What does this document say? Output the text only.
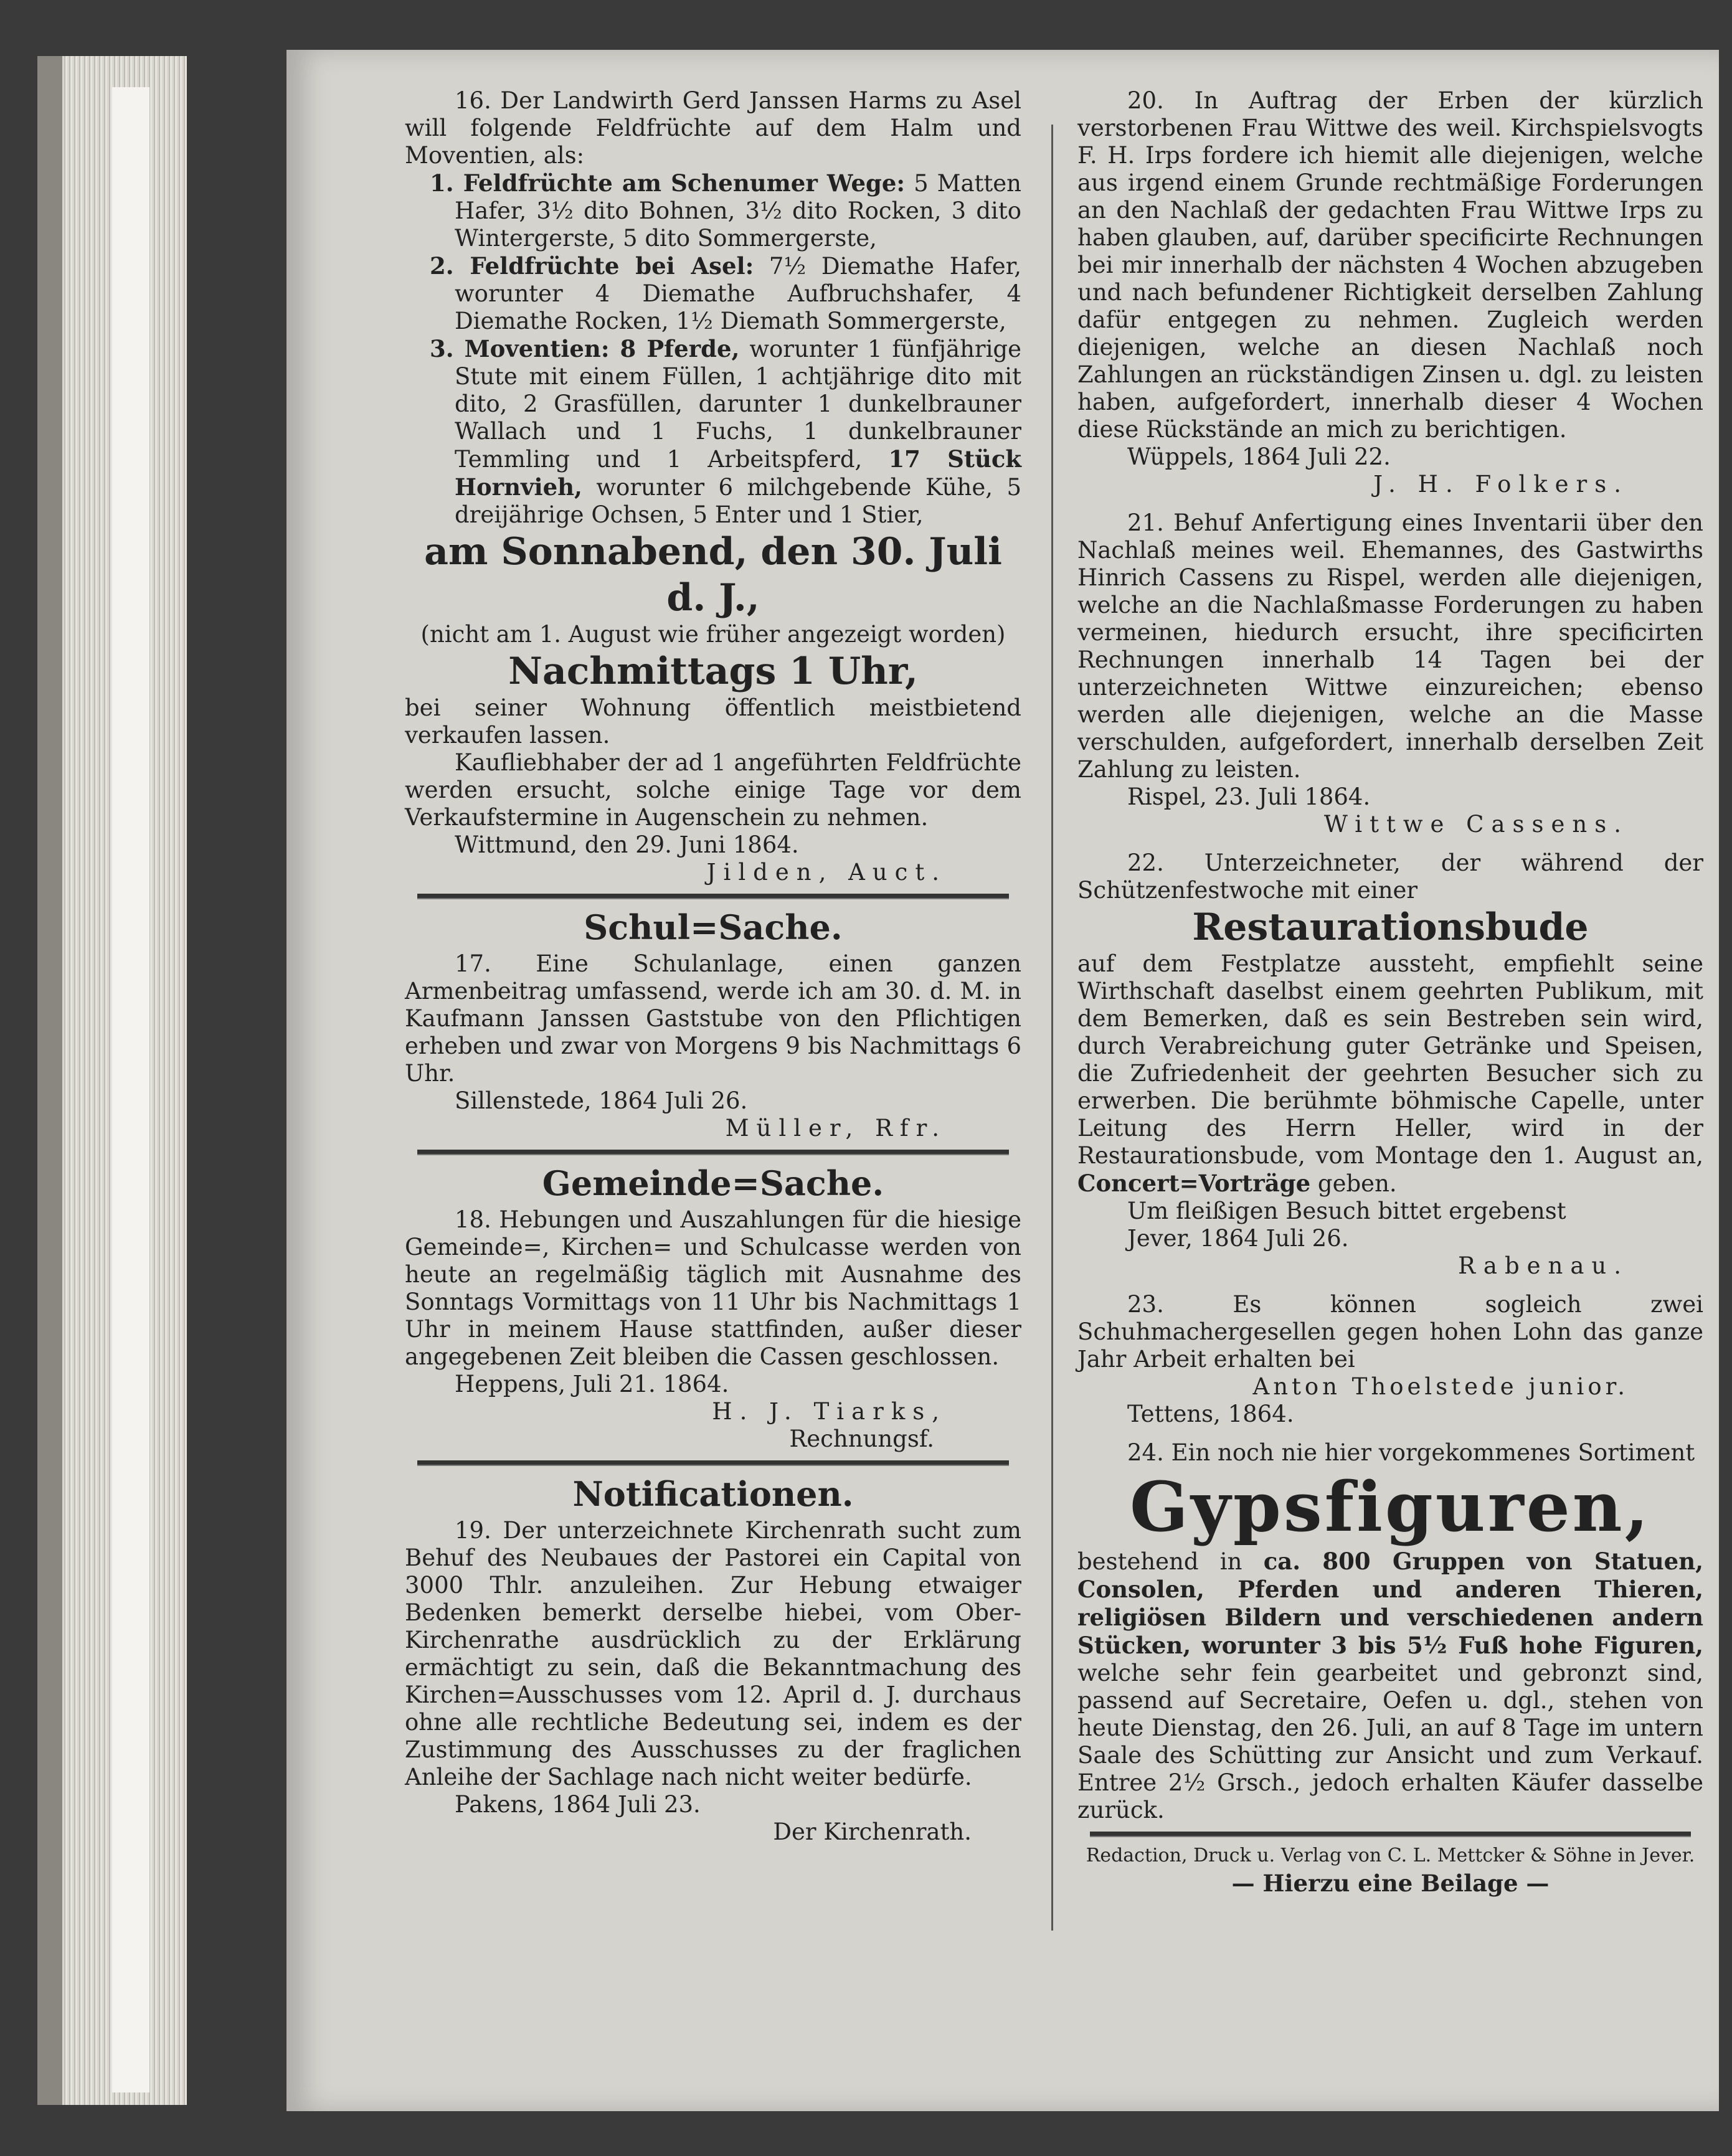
16. Der Landwirth Gerd Janssen Harms zu Asel will folgende Feldfrüchte auf dem Halm und Moventien, als:

1. Feldfrüchte am Schenumer Wege: 5 Matten Hafer, 3½ dito Bohnen, 3½ dito Rocken, 3 dito Wintergerste, 5 dito Sommergerste,

2. Feldfrüchte bei Asel: 7½ Diemathe Hafer, worunter 4 Diemathe Aufbruchshafer, 4 Diemathe Rocken, 1½ Diemath Sommergerste,

3. Moventien: 8 Pferde, worunter 1 fünfjährige Stute mit einem Füllen, 1 achtjährige dito mit dito, 2 Grasfüllen, darunter 1 dunkelbrauner Wallach und 1 Fuchs, 1 dunkelbrauner Temmling und 1 Arbeitspferd, 17 Stück Hornvieh, worunter 6 milchgebende Kühe, 5 dreijährige Ochsen, 5 Enter und 1 Stier,

am Sonnabend, den 30. Juli d. J.,

(nicht am 1. August wie früher angezeigt worden)

Nachmittags 1 Uhr,

bei seiner Wohnung öffentlich meistbietend verkaufen lassen.

Kaufliebhaber der ad 1 angeführten Feldfrüchte werden ersucht, solche einige Tage vor dem Verkaufstermine in Augenschein zu nehmen.

Wittmund, den 29. Juni 1864.

Jilden, Auct.

Schul=Sache.

17. Eine Schulanlage, einen ganzen Armenbeitrag umfassend, werde ich am 30. d. M. in Kaufmann Janssen Gaststube von den Pflichtigen erheben und zwar von Morgens 9 bis Nachmittags 6 Uhr.

Sillenstede, 1864 Juli 26.

Müller, Rfr.

Gemeinde=Sache.

18. Hebungen und Auszahlungen für die hiesige Gemeinde=, Kirchen= und Schulcasse werden von heute an regelmäßig täglich mit Ausnahme des Sonntags Vormittags von 11 Uhr bis Nachmittags 1 Uhr in meinem Hause stattfinden, außer dieser angegebenen Zeit bleiben die Cassen geschlossen.

Heppens, Juli 21. 1864.

H. J. Tiarks,

Rechnungsf.

Notificationen.

19. Der unterzeichnete Kirchenrath sucht zum Behuf des Neubaues der Pastorei ein Capital von 3000 Thlr. anzuleihen. Zur Hebung etwaiger Bedenken bemerkt derselbe hiebei, vom Ober-Kirchenrathe ausdrücklich zu der Erklärung ermächtigt zu sein, daß die Bekanntmachung des Kirchen=Ausschusses vom 12. April d. J. durchaus ohne alle rechtliche Bedeutung sei, indem es der Zustimmung des Ausschusses zu der fraglichen Anleihe der Sachlage nach nicht weiter bedürfe.

Pakens, 1864 Juli 23.

Der Kirchenrath.

20. In Auftrag der Erben der kürzlich verstorbenen Frau Wittwe des weil. Kirchspielsvogts F. H. Irps fordere ich hiemit alle diejenigen, welche aus irgend einem Grunde rechtmäßige Forderungen an den Nachlaß der gedachten Frau Wittwe Irps zu haben glauben, auf, darüber specificirte Rechnungen bei mir innerhalb der nächsten 4 Wochen abzugeben und nach befundener Richtigkeit derselben Zahlung dafür entgegen zu nehmen. Zugleich werden diejenigen, welche an diesen Nachlaß noch Zahlungen an rückständigen Zinsen u. dgl. zu leisten haben, aufgefordert, innerhalb dieser 4 Wochen diese Rückstände an mich zu berichtigen.

Wüppels, 1864 Juli 22.

J. H. Folkers.

21. Behuf Anfertigung eines Inventarii über den Nachlaß meines weil. Ehemannes, des Gastwirths Hinrich Cassens zu Rispel, werden alle diejenigen, welche an die Nachlaßmasse Forderungen zu haben vermeinen, hiedurch ersucht, ihre specificirten Rechnungen innerhalb 14 Tagen bei der unterzeichneten Wittwe einzureichen; ebenso werden alle diejenigen, welche an die Masse verschulden, aufgefordert, innerhalb derselben Zeit Zahlung zu leisten.

Rispel, 23. Juli 1864.

Wittwe Cassens.

22. Unterzeichneter, der während der Schützenfestwoche mit einer

Restaurationsbude

auf dem Festplatze aussteht, empfiehlt seine Wirthschaft daselbst einem geehrten Publikum, mit dem Bemerken, daß es sein Bestreben sein wird, durch Verabreichung guter Getränke und Speisen, die Zufriedenheit der geehrten Besucher sich zu erwerben. Die berühmte böhmische Capelle, unter Leitung des Herrn Heller, wird in der Restaurationsbude, vom Montage den 1. August an, Concert=Vorträge geben.

Um fleißigen Besuch bittet ergebenst

Jever, 1864 Juli 26.

Rabenau.

23. Es können sogleich zwei Schuhmachergesellen gegen hohen Lohn das ganze Jahr Arbeit erhalten bei

Anton Thoelstede junior.

Tettens, 1864.

24. Ein noch nie hier vorgekommenes Sortiment

Gypsfiguren,

bestehend in ca. 800 Gruppen von Statuen, Consolen, Pferden und anderen Thieren, religiösen Bildern und verschiedenen andern Stücken, worunter 3 bis 5½ Fuß hohe Figuren, welche sehr fein gearbeitet und gebronzt sind, passend auf Secretaire, Oefen u. dgl., stehen von heute Dienstag, den 26. Juli, an auf 8 Tage im untern Saale des Schütting zur Ansicht und zum Verkauf. Entree 2½ Grsch., jedoch erhalten Käufer dasselbe zurück.

Redaction, Druck u. Verlag von C. L. Mettcker & Söhne in Jever.

— Hierzu eine Beilage —
